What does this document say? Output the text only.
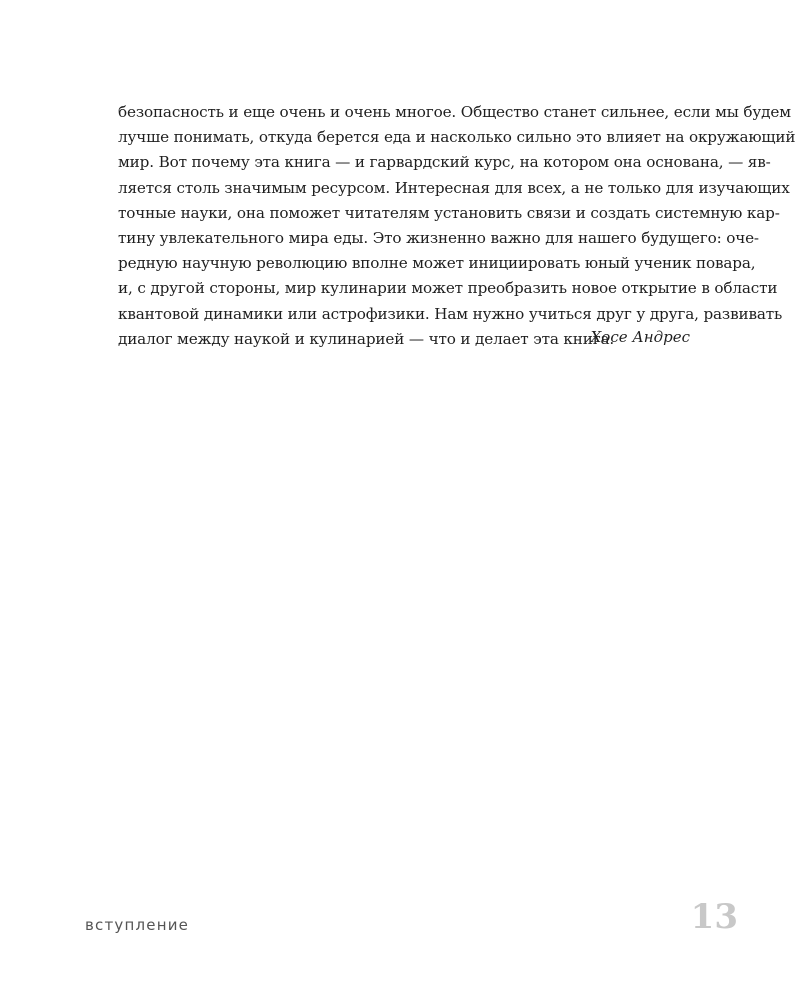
безопасность и еще очень и очень многое. Общество станет сильнее, если мы будем
лучше понимать, откуда берется еда и насколько сильно это влияет на окружающий
мир. Вот почему эта книга — и гарвардский курс, на котором она основана, — яв-
ляется столь значимым ресурсом. Интересная для всех, а не только для изучающих
точные науки, она поможет читателям установить связи и создать системную кар-
тину увлекательного мира еды. Это жизненно важно для нашего будущего: оче-
редную научную революцию вполне может инициировать юный ученик повара,
и, с другой стороны, мир кулинарии может преобразить новое открытие в области
квантовой динамики или астрофизики. Нам нужно учиться друг у друга, развивать
диалог между наукой и кулинарией — что и делает эта книга.
Хосе Андрес
вступление	13
